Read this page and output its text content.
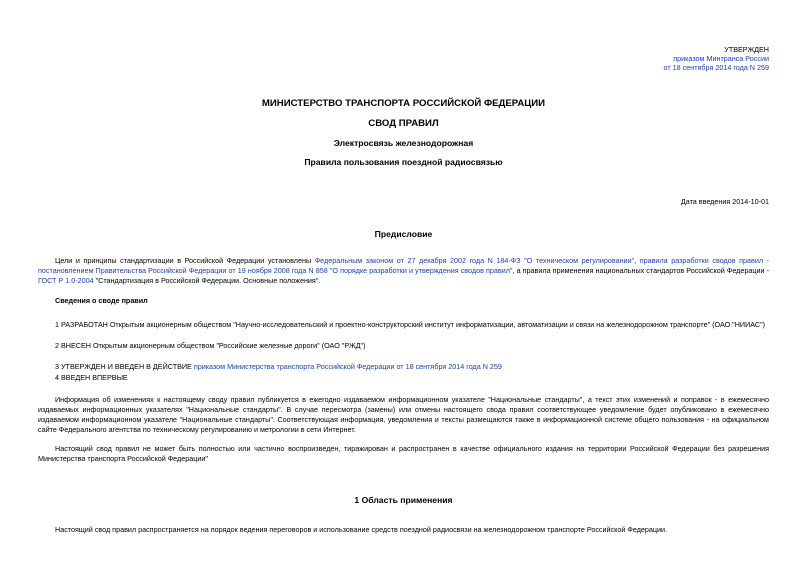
УТВЕРЖДЕН
приказом Минтранса России
от 18 сентября 2014 года N 259
МИНИСТЕРСТВО ТРАНСПОРТА РОССИЙСКОЙ ФЕДЕРАЦИИ
СВОД ПРАВИЛ
Электросвязь железнодорожная
Правила пользования поездной радиосвязью
Дата введения 2014-10-01
Предисловие
Цели и принципы стандартизации в Российской Федерации установлены Федеральным законом от 27 декабря 2002 года N 184-ФЗ "О техническом регулировании", правила разработки сводов правил - постановлением Правительства Российской Федерации от 19 ноября 2008 года N 858 "О порядке разработки и утверждения сводов правил", а правила применения национальных стандартов Российской Федерации - ГОСТ Р 1.0-2004 "Стандартизация в Российской Федерации. Основные положения".
Сведения о своде правил
1 РАЗРАБОТАН Открытым акционерным обществом "Научно-исследовательский и проектно-конструкторский институт информатизации, автоматизации и связи на железнодорожном транспорте" (ОАО "НИИАС")
2 ВНЕСЕН Открытым акционерным обществом "Российские железные дороги" (ОАО "РЖД")
3 УТВЕРЖДЕН И ВВЕДЕН В ДЕЙСТВИЕ приказом Министерства транспорта Российской Федерации от 18 сентября 2014 года N 259
4 ВВЕДЕН ВПЕРВЫЕ
Информация об изменениях к настоящему своду правил публикуется в ежегодно издаваемом информационном указателе "Национальные стандарты", а текст этих изменений и поправок - в ежемесячно издаваемых информационных указателях "Национальные стандарты". В случае пересмотра (замены) или отмены настоящего свода правил соответствующее уведомление будет опубликовано в ежемесячно издаваемом информационном указателе "Национальные стандарты". Соответствующая информация, уведомления и тексты размещаются также в информационной системе общего пользования - на официальном сайте Федерального агентства по техническому регулированию и метрологии в сети Интернет.
Настоящий свод правил не может быть полностью или частично воспроизведен, тиражирован и распространен в качестве официального издания на территории Российской Федерации без разрешения Министерства транспорта Российской Федерации"
1 Область применения
Настоящий свод правил распространяется на порядок ведения переговоров и использование средств поездной радиосвязи на железнодорожном транспорте Российской Федерации.
